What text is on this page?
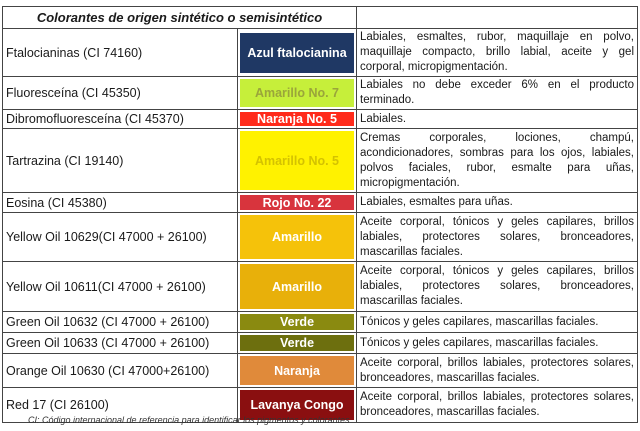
Colorantes de origen sintético o semisintético		
Ftalocianinas (CI 74160)	Azul ftalocianina	Labiales, esmaltes, rubor, maquillaje en polvo, maquillaje compacto, brillo labial, aceite y gel corporal, micropigmentación.
Fluoresceína (CI 45350)	Amarillo No. 7	Labiales no debe exceder 6% en el producto terminado.
Dibromofluoresceína (CI 45370)	Naranja No. 5	Labiales.
Tartrazina (CI 19140)	Amarillo No. 5	Cremas corporales, lociones, champú, acondicionadores, sombras para los ojos, labiales, polvos faciales, rubor, esmalte para uñas, micropigmentación.
Eosina (CI 45380)	Rojo No. 22	Labiales, esmaltes para uñas.
Yellow Oil 10629(CI 47000 + 26100)	Amarillo	Aceite corporal, tónicos y geles capilares, brillos labiales, protectores solares, bronceadores, mascarillas faciales.
Yellow Oil 10611(CI 47000 + 26100)	Amarillo	Aceite corporal, tónicos y geles capilares, brillos labiales, protectores solares, bronceadores, mascarillas faciales.
Green Oil 10632 (CI 47000 + 26100)	Verde	Tónicos y geles capilares, mascarillas faciales.
Green Oil 10633 (CI 47000 + 26100)	Verde	Tónicos y geles capilares, mascarillas faciales.
Orange Oil 10630 (CI 47000+26100)	Naranja	Aceite corporal, brillos labiales, protectores solares, bronceadores, mascarillas faciales.
Red 17 (CI 26100)	Lavanya Congo	Aceite corporal, brillos labiales, protectores solares, bronceadores, mascarillas faciales.
CI: Código internacional de referencia para identificar los pigmentos y colorantes
